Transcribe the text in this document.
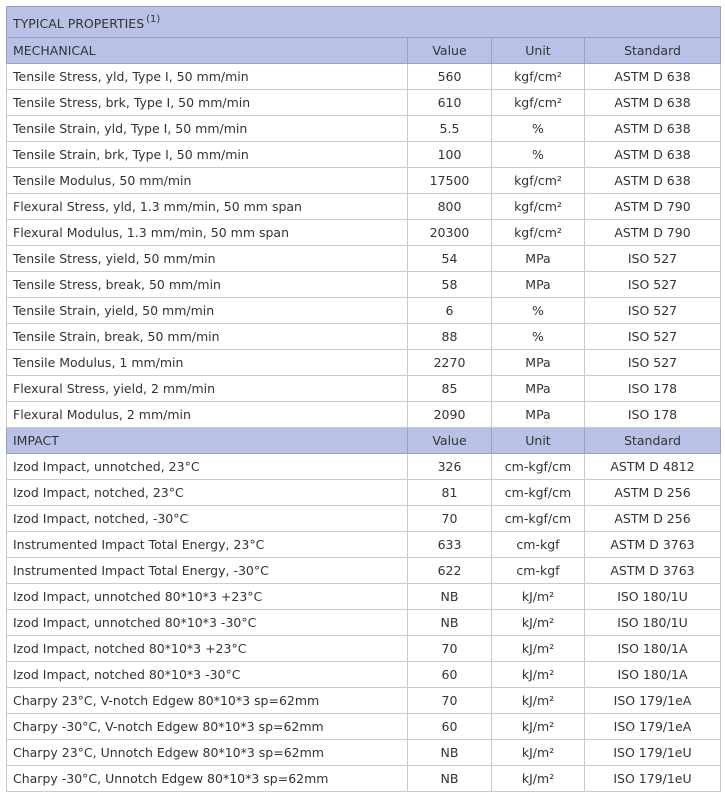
TYPICAL PROPERTIES $^{(1)}$
MECHANICAL	Value	Unit	Standard
Tensile Stress, yld, Type I, 50 mm/min	560	kgf/cm²	ASTM D 638
Tensile Stress, brk, Type I, 50 mm/min	610	kgf/cm²	ASTM D 638
Tensile Strain, yld, Type I, 50 mm/min	5.5	%	ASTM D 638
Tensile Strain, brk, Type I, 50 mm/min	100	%	ASTM D 638
Tensile Modulus, 50 mm/min	17500	kgf/cm²	ASTM D 638
Flexural Stress, yld, 1.3 mm/min, 50 mm span	800	kgf/cm²	ASTM D 790
Flexural Modulus, 1.3 mm/min, 50 mm span	20300	kgf/cm²	ASTM D 790
Tensile Stress, yield, 50 mm/min	54	MPa	ISO 527
Tensile Stress, break, 50 mm/min	58	MPa	ISO 527
Tensile Strain, yield, 50 mm/min	6	%	ISO 527
Tensile Strain, break, 50 mm/min	88	%	ISO 527
Tensile Modulus, 1 mm/min	2270	MPa	ISO 527
Flexural Stress, yield, 2 mm/min	85	MPa	ISO 178
Flexural Modulus, 2 mm/min	2090	MPa	ISO 178
IMPACT	Value	Unit	Standard
Izod Impact, unnotched, 23°C	326	cm-kgf/cm	ASTM D 4812
Izod Impact, notched, 23°C	81	cm-kgf/cm	ASTM D 256
Izod Impact, notched, -30°C	70	cm-kgf/cm	ASTM D 256
Instrumented Impact Total Energy, 23°C	633	cm-kgf	ASTM D 3763
Instrumented Impact Total Energy, -30°C	622	cm-kgf	ASTM D 3763
Izod Impact, unnotched 80*10*3 +23°C	NB	kJ/m²	ISO 180/1U
Izod Impact, unnotched 80*10*3 -30°C	NB	kJ/m²	ISO 180/1U
Izod Impact, notched 80*10*3 +23°C	70	kJ/m²	ISO 180/1A
Izod Impact, notched 80*10*3 -30°C	60	kJ/m²	ISO 180/1A
Charpy 23°C, V-notch Edgew 80*10*3 sp=62mm	70	kJ/m²	ISO 179/1eA
Charpy -30°C, V-notch Edgew 80*10*3 sp=62mm	60	kJ/m²	ISO 179/1eA
Charpy 23°C, Unnotch Edgew 80*10*3 sp=62mm	NB	kJ/m²	ISO 179/1eU
Charpy -30°C, Unnotch Edgew 80*10*3 sp=62mm	NB	kJ/m²	ISO 179/1eU
